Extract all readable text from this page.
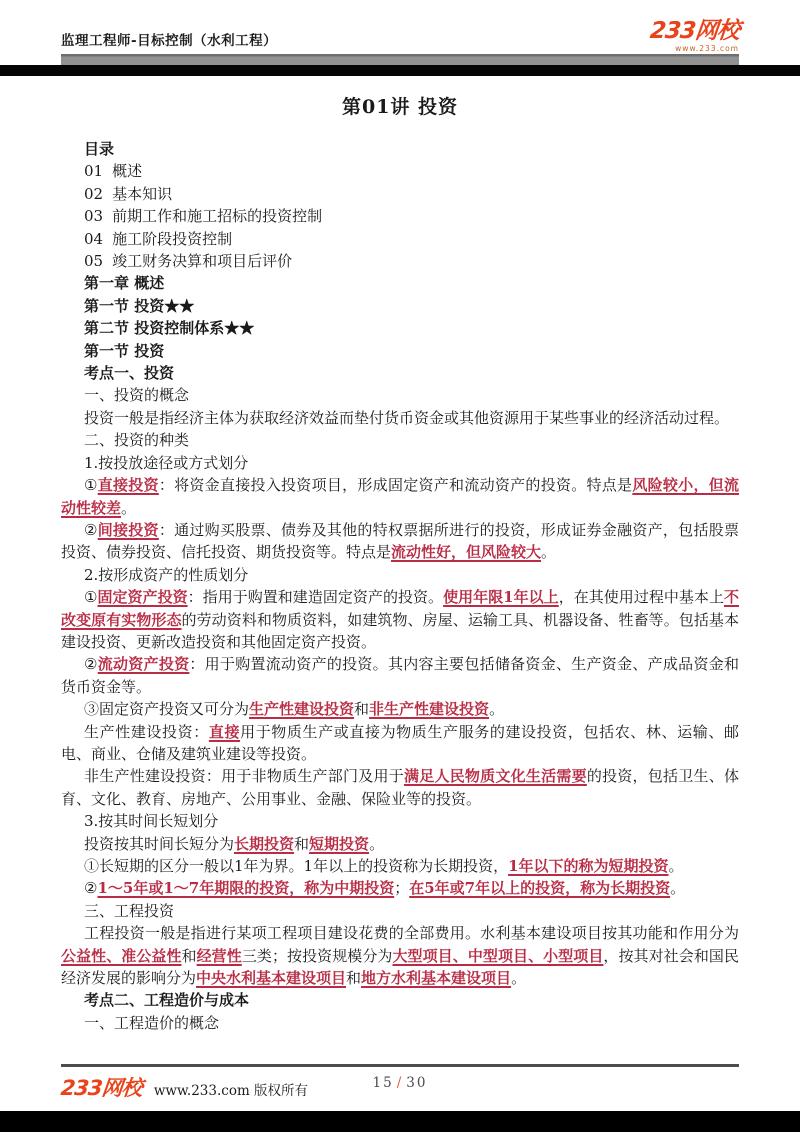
监理工程师-目标控制（水利工程）	233网校
www.233.com
第01讲 投资

目录

01 概述

02 基本知识

03 前期工作和施工招标的投资控制

04 施工阶段投资控制

05 竣工财务决算和项目后评价

第一章 概述

第一节 投资★★

第二节 投资控制体系★★

第一节 投资

考点一、投资

一、投资的概念

投资一般是指经济主体为获取经济效益而垫付货币资金或其他资源用于某些事业的经济活动过程。

二、投资的种类

1.按投放途径或方式划分

①直接投资：将资金直接投入投资项目，形成固定资产和流动资产的投资。特点是风险较小，但流动性较差。

②间接投资：通过购买股票、债券及其他的特权票据所进行的投资，形成证券金融资产，包括股票投资、债券投资、信托投资、期货投资等。特点是流动性好，但风险较大。

2.按形成资产的性质划分

①固定资产投资：指用于购置和建造固定资产的投资。使用年限1年以上，在其使用过程中基本上不改变原有实物形态的劳动资料和物质资料，如建筑物、房屋、运输工具、机器设备、牲畜等。包括基本建设投资、更新改造投资和其他固定资产投资。

②流动资产投资：用于购置流动资产的投资。其内容主要包括储备资金、生产资金、产成品资金和货币资金等。

③固定资产投资又可分为生产性建设投资和非生产性建设投资。

生产性建设投资：直接用于物质生产或直接为物质生产服务的建设投资，包括农、林、运输、邮电、商业、仓储及建筑业建设等投资。

非生产性建设投资：用于非物质生产部门及用于满足人民物质文化生活需要的投资，包括卫生、体育、文化、教育、房地产、公用事业、金融、保险业等的投资。

3.按其时间长短划分

投资按其时间长短分为长期投资和短期投资。

①长短期的区分一般以1年为界。1年以上的投资称为长期投资，1年以下的称为短期投资。

②1～5年或1～7年期限的投资，称为中期投资；在5年或7年以上的投资，称为长期投资。

三、工程投资

工程投资一般是指进行某项工程项目建设花费的全部费用。水利基本建设项目按其功能和作用分为公益性、准公益性和经营性三类；按投资规模分为大型项目、中型项目、小型项目，按其对社会和国民经济发展的影响分为中央水利基本建设项目和地方水利基本建设项目。

考点二、工程造价与成本

一、工程造价的概念

233网校 www.233.com 版权所有	15 / 30
